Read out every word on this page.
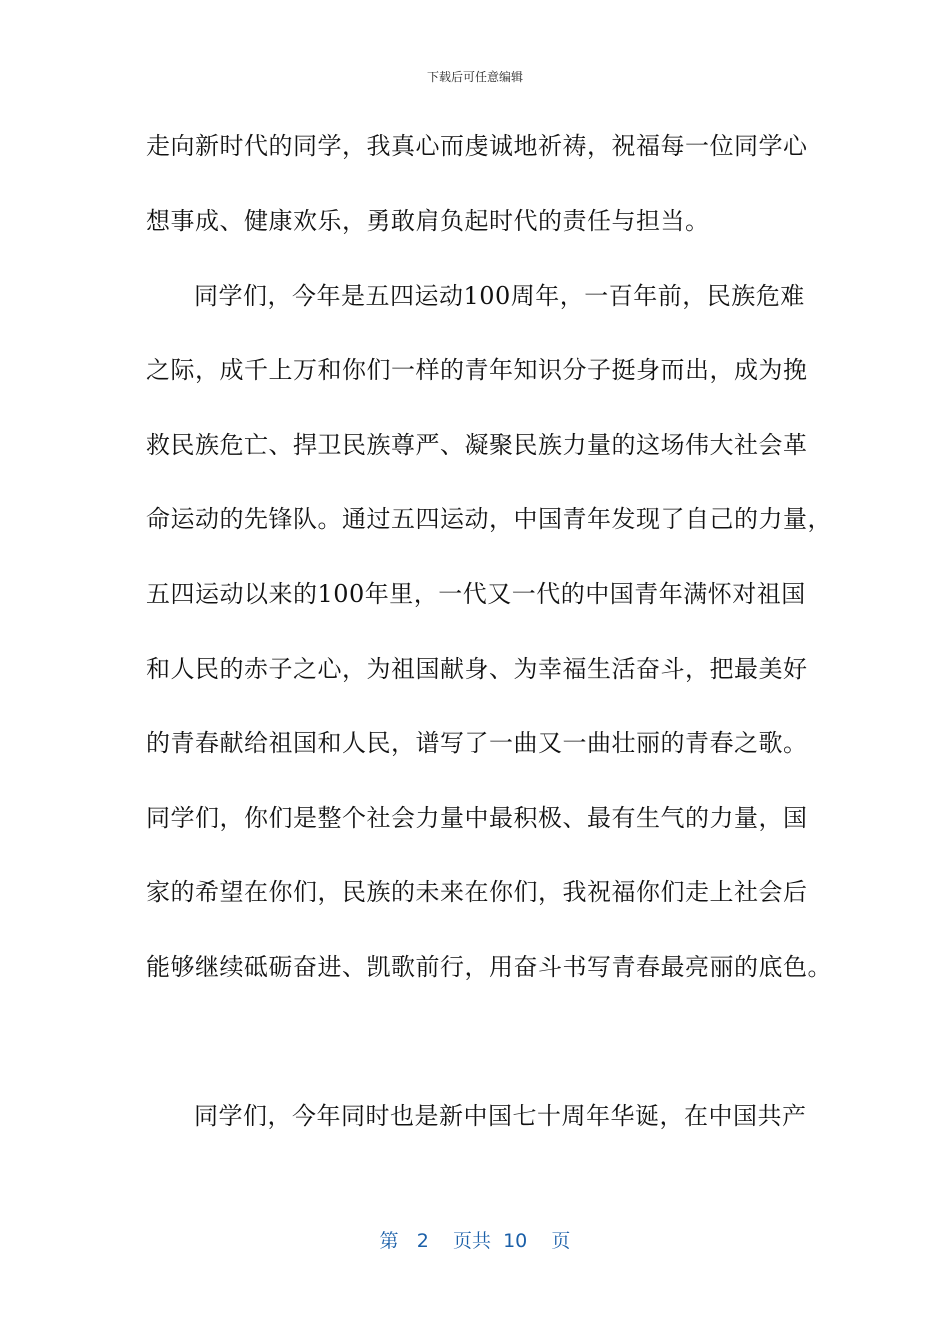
下载后可任意编辑
走向新时代的同学，我真心而虔诚地祈祷，祝福每一位同学心
想事成、健康欢乐，勇敢肩负起时代的责任与担当。
同学们，今年是五四运动100周年，一百年前，民族危难
之际，成千上万和你们一样的青年知识分子挺身而出，成为挽
救民族危亡、捍卫民族尊严、凝聚民族力量的这场伟大社会革
命运动的先锋队。通过五四运动，中国青年发现了自己的力量，
五四运动以来的100年里，一代又一代的中国青年满怀对祖国
和人民的赤子之心，为祖国献身、为幸福生活奋斗，把最美好
的青春献给祖国和人民，谱写了一曲又一曲壮丽的青春之歌。
同学们，你们是整个社会力量中最积极、最有生气的力量，国
家的希望在你们，民族的未来在你们，我祝福你们走上社会后
能够继续砥砺奋进、凯歌前行，用奋斗书写青春最亮丽的底色。
同学们，今年同时也是新中国七十周年华诞，在中国共产
第 2 页共 10 页
